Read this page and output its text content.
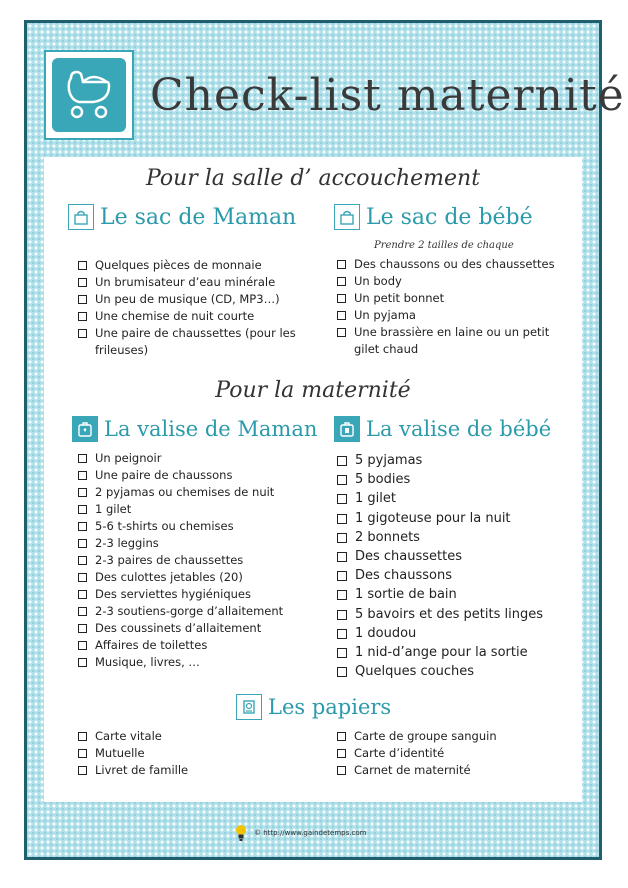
Check-list maternité
Pour la salle d’ accouchement
Le sac de Maman	Le sac de bébé
Prendre 2 tailles de chaque
Quelques pièces de monnaie
Un brumisateur d’eau minérale
Un peu de musique (CD, MP3…)
Une chemise de nuit courte
Une paire de chaussettes (pour les frileuses)
Des chaussons ou des chaussettes
Un body
Un petit bonnet
Un pyjama
Une brassière en laine ou un petit gilet chaud
Pour la maternité
La valise de Maman La valise de bébé
Un peignoir
Une paire de chaussons
2 pyjamas ou chemises de nuit
1 gilet
5-6 t-shirts ou chemises
2-3 leggins
2-3 paires de chaussettes
Des culottes jetables (20)
Des serviettes hygiéniques
2-3 soutiens-gorge d’allaitement
Des coussinets d’allaitement
Affaires de toilettes
Musique, livres, …
5 pyjamas
5 bodies
1 gilet
1 gigoteuse pour la nuit
2 bonnets
Des chaussettes
Des chaussons
1 sortie de bain
5 bavoirs et des petits linges
1 doudou
1 nid-d’ange pour la sortie
Quelques couches
Les papiers
Carte vitale
Mutuelle
Livret de famille
Carte de groupe sanguin
Carte d’identité
Carnet de maternité
© http://www.gaindetemps.com
